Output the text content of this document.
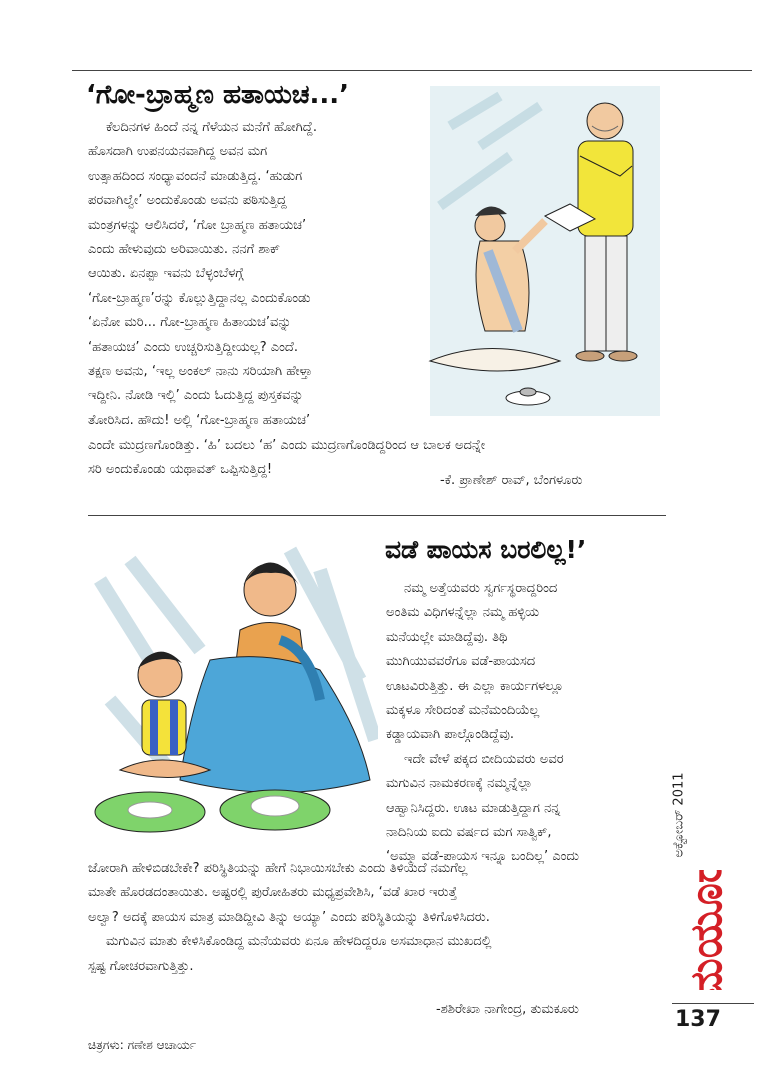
‘ಗೋ-ಬ್ರಾಹ್ಮಣ ಹತಾಯಚ...’
ಕೆಲದಿನಗಳ ಹಿಂದೆ ನನ್ನ ಗೆಳೆಯನ ಮನೆಗೆ ಹೋಗಿದ್ದೆ.
ಹೊಸದಾಗಿ ಉಪನಯನವಾಗಿದ್ದ ಅವನ ಮಗ
ಉತ್ಸಾಹದಿಂದ ಸಂಧ್ಯಾವಂದನೆ ಮಾಡುತ್ತಿದ್ದ. ‘ಹುಡುಗ
ಪರವಾಗಿಲ್ವೇ’ ಅಂದುಕೊಂಡು ಅವನು ಪಠಿಸುತ್ತಿದ್ದ
ಮಂತ್ರಗಳನ್ನು ಆಲಿಸಿದರೆ, ‘ಗೋ ಬ್ರಾಹ್ಮಣ ಹತಾಯಚ’
ಎಂದು ಹೇಳುವುದು ಅರಿವಾಯಿತು. ನನಗೆ ಶಾಕ್
ಆಯಿತು. ಏನಪ್ಪಾ ಇವನು ಬೆಳ್ಳಂಬೆಳಗ್ಗೆ
‘ಗೋ-ಬ್ರಾಹ್ಮಣ’ರನ್ನು ಕೊಲ್ಲುತ್ತಿದ್ದಾನಲ್ಲ ಎಂದುಕೊಂಡು
‘ಏನೋ ಮರಿ... ಗೋ-ಬ್ರಾಹ್ಮಣ ಹಿತಾಯಚ’ವನ್ನು
‘ಹತಾಯಚ’ ಎಂದು ಉಚ್ಚರಿಸುತ್ತಿದ್ದೀಯಲ್ಲ? ಎಂದೆ.
ತಕ್ಷಣ ಅವನು, ‘ಇಲ್ಲ ಅಂಕಲ್ ನಾನು ಸರಿಯಾಗಿ ಹೇಳ್ತಾ
ಇದ್ದೀನಿ. ನೋಡಿ ಇಲ್ಲಿ’ ಎಂದು ಓದುತ್ತಿದ್ದ ಪುಸ್ತಕವನ್ನು
ತೋರಿಸಿದ. ಹೌದು! ಅಲ್ಲಿ ‘ಗೋ-ಬ್ರಾಹ್ಮಣ ಹತಾಯಚ’
ಎಂದೇ ಮುದ್ರಣಗೊಂಡಿತ್ತು. ‘ಹಿ’ ಬದಲು ‘ಹ’ ಎಂದು ಮುದ್ರಣಗೊಂಡಿದ್ದರಿಂದ ಆ ಬಾಲಕ ಅದನ್ನೇ
ಸರಿ ಅಂದುಕೊಂಡು ಯಥಾವತ್ ಒಪ್ಪಿಸುತ್ತಿದ್ದ!
-ಕೆ. ಪ್ರಾಣೇಶ್ ರಾವ್, ಬೆಂಗಳೂರು
ವಡೆ ಪಾಯಸ ಬರಲಿಲ್ಲ!’
ನಮ್ಮ ಅತ್ತೆಯವರು ಸ್ವರ್ಗಸ್ಥರಾದ್ದರಿಂದ
ಅಂತಿಮ ವಿಧಿಗಳನ್ನೆಲ್ಲಾ ನಮ್ಮ ಹಳ್ಳಿಯ
ಮನೆಯಲ್ಲೇ ಮಾಡಿದ್ದೆವು. ತಿಥಿ
ಮುಗಿಯುವವರೆಗೂ ವಡೆ-ಪಾಯಸದ
ಊಟವಿರುತ್ತಿತ್ತು. ಈ ಎಲ್ಲಾ ಕಾರ್ಯಗಳಲ್ಲೂ
ಮಕ್ಕಳೂ ಸೇರಿದಂತೆ ಮನೆಮಂದಿಯೆಲ್ಲ
ಕಡ್ಡಾಯವಾಗಿ ಪಾಲ್ಗೊಂಡಿದ್ದೆವು.
ಇದೇ ವೇಳೆ ಪಕ್ಕದ ಬೀದಿಯವರು ಅವರ
ಮಗುವಿನ ನಾಮಕರಣಕ್ಕೆ ನಮ್ಮನ್ನೆಲ್ಲಾ
ಆಹ್ವಾನಿಸಿದ್ದರು. ಊಟ ಮಾಡುತ್ತಿದ್ದಾಗ ನನ್ನ
ನಾದಿನಿಯ ಐದು ವರ್ಷದ ಮಗ ಸಾತ್ವಿಕ್,
‘ಅಮ್ಮಾ ವಡೆ-ಪಾಯಸ ಇನ್ನೂ ಬಂದಿಲ್ಲ’ ಎಂದು
ಜೋರಾಗಿ ಹೇಳಿಬಿಡಬೇಕೇ? ಪರಿಸ್ಥಿತಿಯನ್ನು ಹೇಗೆ ನಿಭಾಯಿಸಬೇಕು ಎಂದು ತಿಳಿಯದೆ ನಮಗೆಲ್ಲ
ಮಾತೇ ಹೊರಡದಂತಾಯಿತು. ಅಷ್ಟರಲ್ಲಿ ಪುರೋಹಿತರು ಮಧ್ಯಪ್ರವೇಶಿಸಿ, ‘ವಡೆ ಖಾರ ಇರುತ್ತೆ
ಅಲ್ವಾ? ಅದಕ್ಕೆ ಪಾಯಸ ಮಾತ್ರ ಮಾಡಿದ್ದೀವಿ ತಿನ್ನು ಅಯ್ಯಾ’ ಎಂದು ಪರಿಸ್ಥಿತಿಯನ್ನು ತಿಳಿಗೊಳಿಸಿದರು.
ಮಗುವಿನ ಮಾತು ಕೇಳಿಸಿಕೊಂಡಿದ್ದ ಮನೆಯವರು ಏನೂ ಹೇಳದಿದ್ದರೂ ಅಸಮಾಧಾನ ಮುಖದಲ್ಲಿ
ಸ್ಪಷ್ಟ ಗೋಚರವಾಗುತ್ತಿತ್ತು.
-ಶಶಿರೇಖಾ ನಾಗೇಂದ್ರ, ತುಮಕೂರು
ಅಕ್ಟೋಬರ್ 2011
ಮಯೂರ
137
ಚಿತ್ರಗಳು: ಗಣೇಶ ಆಚಾರ್ಯ
